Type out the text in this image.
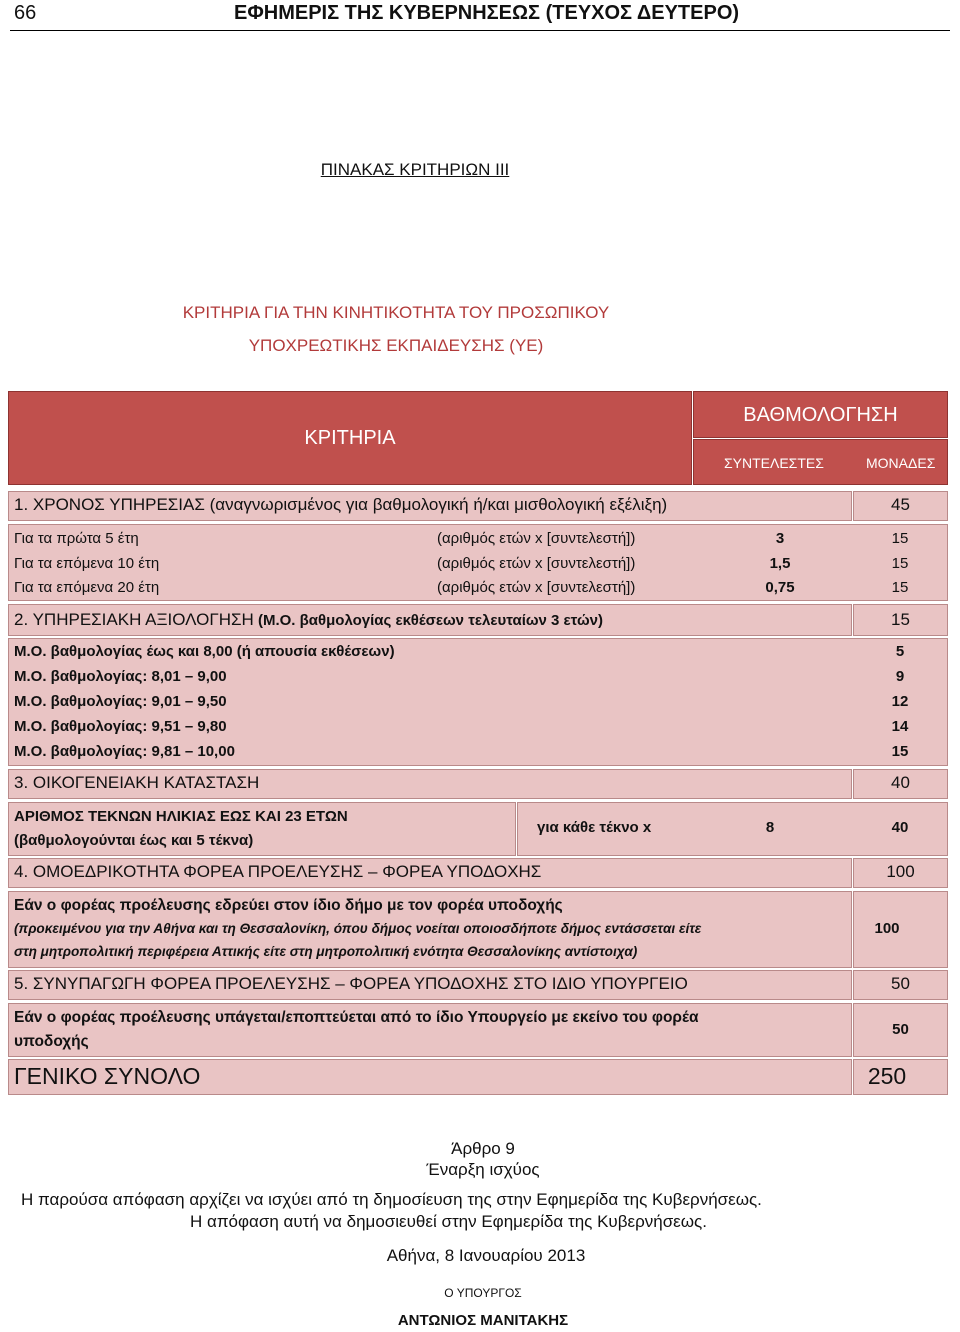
66	ΕΦΗΜΕΡΙΣ ΤΗΣ ΚΥΒΕΡΝΗΣΕΩΣ (ΤΕΥΧΟΣ ΔΕΥΤΕΡΟ)
ΠΙΝΑΚΑΣ ΚΡΙΤΗΡΙΩΝ ΙΙΙ
ΚΡΙΤΗΡΙΑ ΓΙΑ ΤΗΝ ΚΙΝΗΤΙΚΟΤΗΤΑ ΤΟΥ ΠΡΟΣΩΠΙΚΟΥ
ΥΠΟΧΡΕΩΤΙΚΗΣ ΕΚΠΑΙΔΕΥΣΗΣ (ΥΕ)
ΚΡΙΤΗΡΙΑ
ΒΑΘΜΟΛΟΓΗΣΗ
ΣΥΝΤΕΛΕΣΤΕΣ	ΜΟΝΑΔΕΣ
1. ΧΡΟΝΟΣ ΥΠΗΡΕΣΙΑΣ (αναγνωρισμένος για βαθμολογική ή/και μισθολογική εξέλιξη)	45
Για τα πρώτα 5 έτη	(αριθμός ετών x [συντελεστή])	3	15
Για τα επόμενα 10 έτη	(αριθμός ετών x [συντελεστή])	1,5	15
Για τα επόμενα 20 έτη	(αριθμός ετών x [συντελεστή])	0,75	15
2. ΥΠΗΡΕΣΙΑΚΗ ΑΞΙΟΛΟΓΗΣΗ (Μ.Ο. βαθμολογίας εκθέσεων τελευταίων 3 ετών)	15
Μ.Ο. βαθμολογίας έως και 8,00 (ή απουσία εκθέσεων)	5
Μ.Ο. βαθμολογίας: 8,01 – 9,00	9
Μ.Ο. βαθμολογίας: 9,01 – 9,50	12
Μ.Ο. βαθμολογίας: 9,51 – 9,80	14
Μ.Ο. βαθμολογίας: 9,81 – 10,00	15
3. ΟΙΚΟΓΕΝΕΙΑΚΗ ΚΑΤΑΣΤΑΣΗ	40
ΑΡΙΘΜΟΣ ΤΕΚΝΩΝ ΗΛΙΚΙΑΣ ΕΩΣ ΚΑΙ 23 ΕΤΩΝ
(βαθμολογούνται έως και 5 τέκνα)
για κάθε τέκνο x	8	40
4. ΟΜΟΕΔΡΙΚΟΤΗΤΑ ΦΟΡΕΑ ΠΡΟΕΛΕΥΣΗΣ – ΦΟΡΕΑ ΥΠΟΔΟΧΗΣ	100
Εάν ο φορέας προέλευσης εδρεύει στον ίδιο δήμο με τον φορέα υποδοχής
(προκειμένου για την Αθήνα και τη Θεσσαλονίκη, όπου δήμος νοείται οποιοσδήποτε δήμος εντάσσεται είτε
στη μητροπολιτική περιφέρεια Αττικής είτε στη μητροπολιτική ενότητα Θεσσαλονίκης αντίστοιχα)
100
5. ΣΥΝΥΠΑΓΩΓΗ ΦΟΡΕΑ ΠΡΟΕΛΕΥΣΗΣ – ΦΟΡΕΑ ΥΠΟΔΟΧΗΣ ΣΤΟ ΙΔΙΟ ΥΠΟΥΡΓΕΙΟ	50
Εάν ο φορέας προέλευσης υπάγεται/εποπτεύεται από το ίδιο Υπουργείο με εκείνο του φορέα
υποδοχής
50
ΓΕΝΙΚΟ ΣΥΝΟΛΟ	250
Άρθρο 9
Έναρξη ισχύος
Η παρούσα απόφαση αρχίζει να ισχύει από τη δημοσίευση της στην Εφημερίδα της Κυβερνήσεως.
Η απόφαση αυτή να δημοσιευθεί στην Εφημερίδα της Κυβερνήσεως.
Αθήνα, 8 Ιανουαρίου 2013
Ο ΥΠΟΥΡΓΟΣ
ΑΝΤΩΝΙΟΣ ΜΑΝΙΤΑΚΗΣ
